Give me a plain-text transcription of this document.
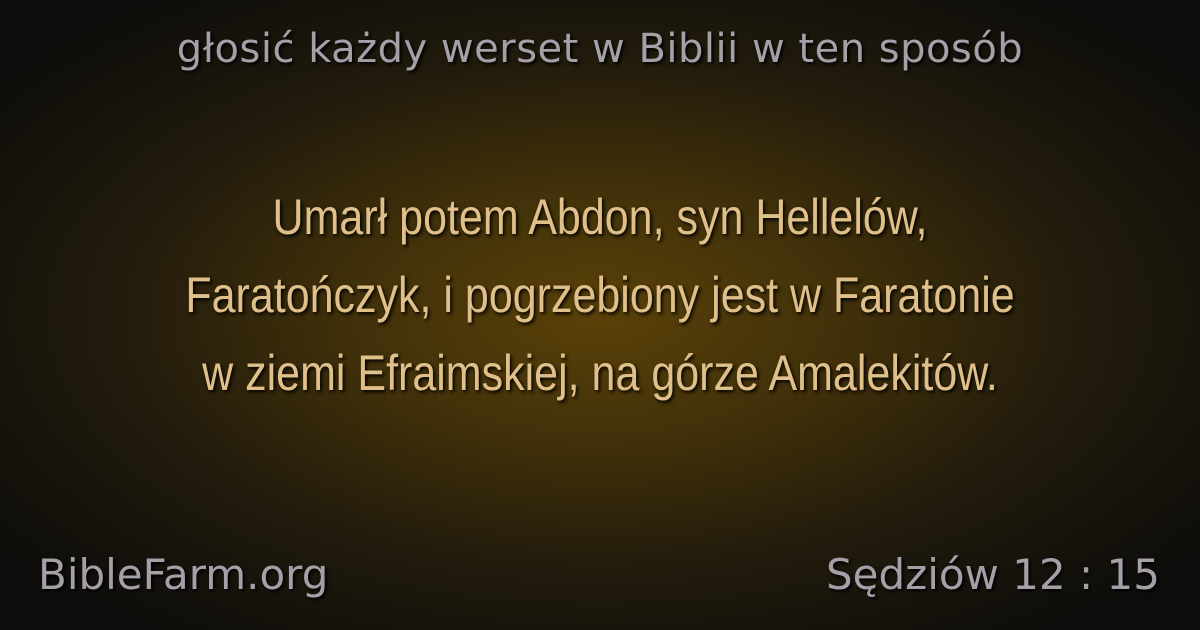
głosić każdy werset w Biblii w ten sposób
Umarł potem Abdon, syn Hellelów,
Faratończyk, i pogrzebiony jest w Faratonie
w ziemi Efraimskiej, na górze Amalekitów.
BibleFarm.org	Sędziów 12 : 15
